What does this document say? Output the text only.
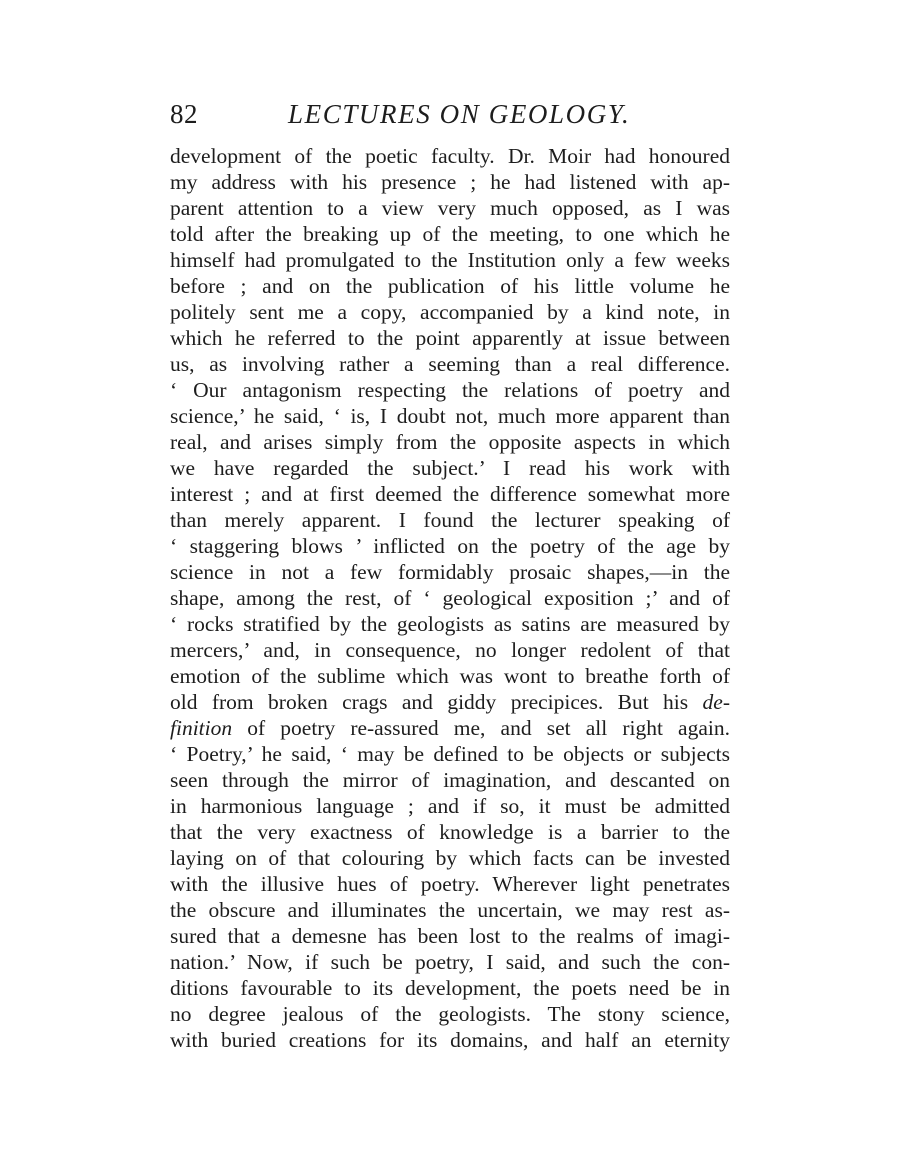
82	LECTURES ON GEOLOGY.
development of the poetic faculty. Dr. Moir had honoured
my address with his presence ; he had listened with ap-
parent attention to a view very much opposed, as I was
told after the breaking up of the meeting, to one which he
himself had promulgated to the Institution only a few weeks
before ; and on the publication of his little volume he
politely sent me a copy, accompanied by a kind note, in
which he referred to the point apparently at issue between
us, as involving rather a seeming than a real difference.
‘ Our antagonism respecting the relations of poetry and
science,’ he said, ‘ is, I doubt not, much more apparent than
real, and arises simply from the opposite aspects in which
we have regarded the subject.’ I read his work with
interest ; and at first deemed the difference somewhat more
than merely apparent. I found the lecturer speaking of
‘ staggering blows ’ inflicted on the poetry of the age by
science in not a few formidably prosaic shapes,—in the
shape, among the rest, of ‘ geological exposition ;’ and of
‘ rocks stratified by the geologists as satins are measured by
mercers,’ and, in consequence, no longer redolent of that
emotion of the sublime which was wont to breathe forth of
old from broken crags and giddy precipices. But his de-
finition of poetry re-assured me, and set all right again.
‘ Poetry,’ he said, ‘ may be defined to be objects or subjects
seen through the mirror of imagination, and descanted on
in harmonious language ; and if so, it must be admitted
that the very exactness of knowledge is a barrier to the
laying on of that colouring by which facts can be invested
with the illusive hues of poetry. Wherever light penetrates
the obscure and illuminates the uncertain, we may rest as-
sured that a demesne has been lost to the realms of imagi-
nation.’ Now, if such be poetry, I said, and such the con-
ditions favourable to its development, the poets need be in
no degree jealous of the geologists. The stony science,
with buried creations for its domains, and half an eternity
